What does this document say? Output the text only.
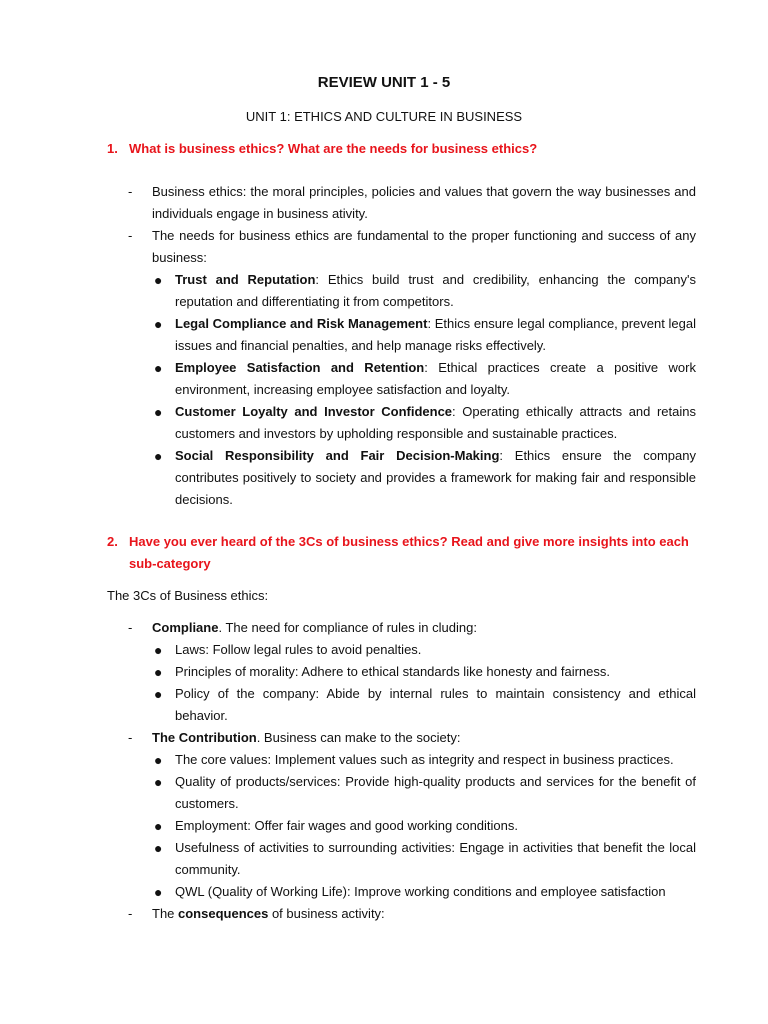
REVIEW UNIT 1 - 5
UNIT 1: ETHICS AND CULTURE IN BUSINESS
1. What is business ethics? What are the needs for business ethics?
- Business ethics: the moral principles, policies and values that govern the way businesses and individuals engage in business ativity.
- The needs for business ethics are fundamental to the proper functioning and success of any business:
● Trust and Reputation: Ethics build trust and credibility, enhancing the company's reputation and differentiating it from competitors.
● Legal Compliance and Risk Management: Ethics ensure legal compliance, prevent legal issues and financial penalties, and help manage risks effectively.
● Employee Satisfaction and Retention: Ethical practices create a positive work environment, increasing employee satisfaction and loyalty.
● Customer Loyalty and Investor Confidence: Operating ethically attracts and retains customers and investors by upholding responsible and sustainable practices.
● Social Responsibility and Fair Decision-Making: Ethics ensure the company contributes positively to society and provides a framework for making fair and responsible decisions.
2. Have you ever heard of the 3Cs of business ethics? Read and give more insights into each sub-category
The 3Cs of Business ethics:
- Compliane. The need for compliance of rules in cluding:
● Laws: Follow legal rules to avoid penalties.
● Principles of morality: Adhere to ethical standards like honesty and fairness.
● Policy of the company: Abide by internal rules to maintain consistency and ethical behavior.
- The Contribution. Business can make to the society:
● The core values: Implement values such as integrity and respect in business practices.
● Quality of products/services: Provide high-quality products and services for the benefit of customers.
● Employment: Offer fair wages and good working conditions.
● Usefulness of activities to surrounding activities: Engage in activities that benefit the local community.
● QWL (Quality of Working Life): Improve working conditions and employee satisfaction
- The consequences of business activity:
